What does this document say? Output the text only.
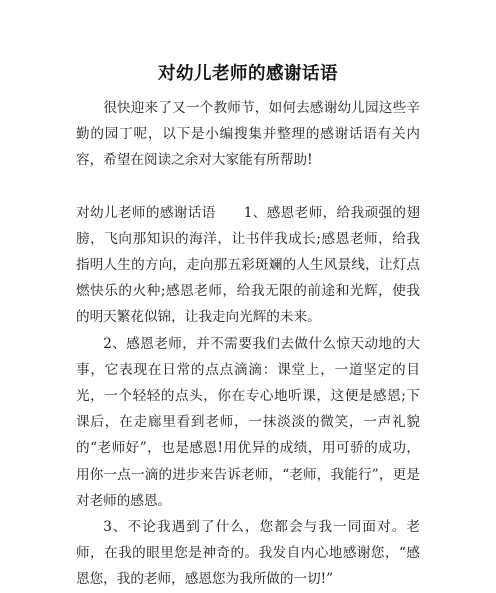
对幼儿老师的感谢话语

很快迎来了又一个教师节，如何去感谢幼儿园这些辛勤的园丁呢，以下是小编搜集并整理的感谢话语有关内容，希望在阅读之余对大家能有所帮助!

对幼儿老师的感谢话语 1、感恩老师，给我顽强的翅膀，飞向那知识的海洋，让书伴我成长;感恩老师，给我指明人生的方向，走向那五彩斑斓的人生风景线，让灯点燃快乐的火种;感恩老师，给我无限的前途和光辉，使我的明天繁花似锦，让我走向光辉的未来。

2、感恩老师，并不需要我们去做什么惊天动地的大事，它表现在日常的点点滴滴：课堂上，一道坚定的目光，一个轻轻的点头，你在专心地听课，这便是感恩;下课后，在走廊里看到老师，一抹淡淡的微笑，一声礼貌的“老师好”，也是感恩!用优异的成绩，用可骄的成功，用你一点一滴的进步来告诉老师，“老师，我能行”，更是对老师的感恩。

3、不论我遇到了什么，您都会与我一同面对。老师，在我的眼里您是神奇的。我发自内心地感谢您，“感恩您，我的老师，感恩您为我所做的一切!”
